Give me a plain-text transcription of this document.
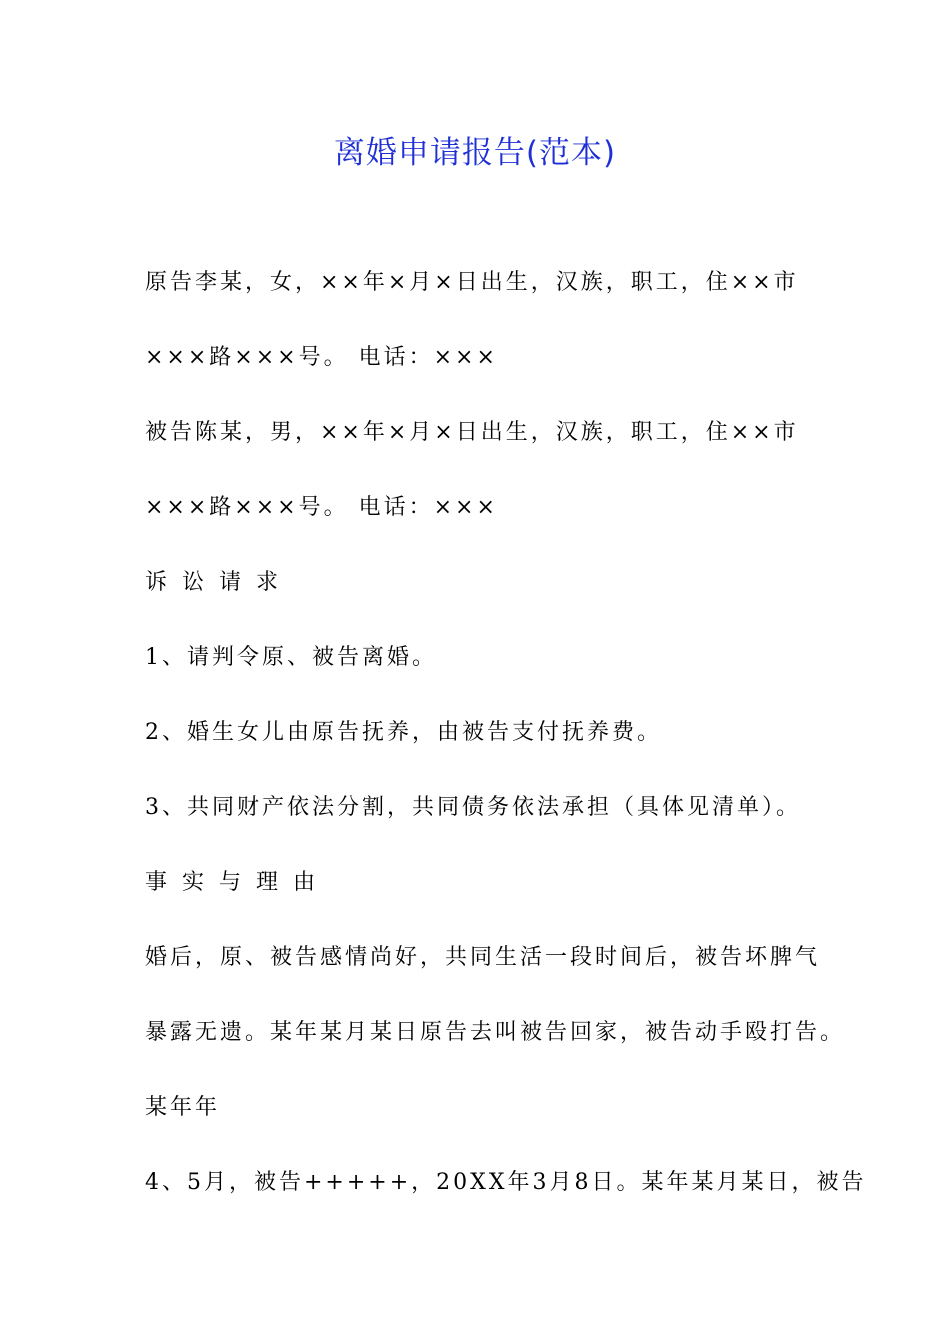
离婚申请报告(范本)

原告李某，女，××年×月×日出生，汉族，职工，住××市

×××路×××号。 电话：×××

被告陈某，男，××年×月×日出生，汉族，职工，住××市

×××路×××号。 电话：×××

诉讼请求

1、请判令原、被告离婚。

2、婚生女儿由原告抚养，由被告支付抚养费。

3、共同财产依法分割，共同债务依法承担（具体见清单）。

事实与理由

婚后，原、被告感情尚好，共同生活一段时间后，被告坏脾气

暴露无遗。某年某月某日原告去叫被告回家，被告动手殴打告。

某年年

4、5月，被告+++++，20XX年3月8日。某年某月某日，被告
